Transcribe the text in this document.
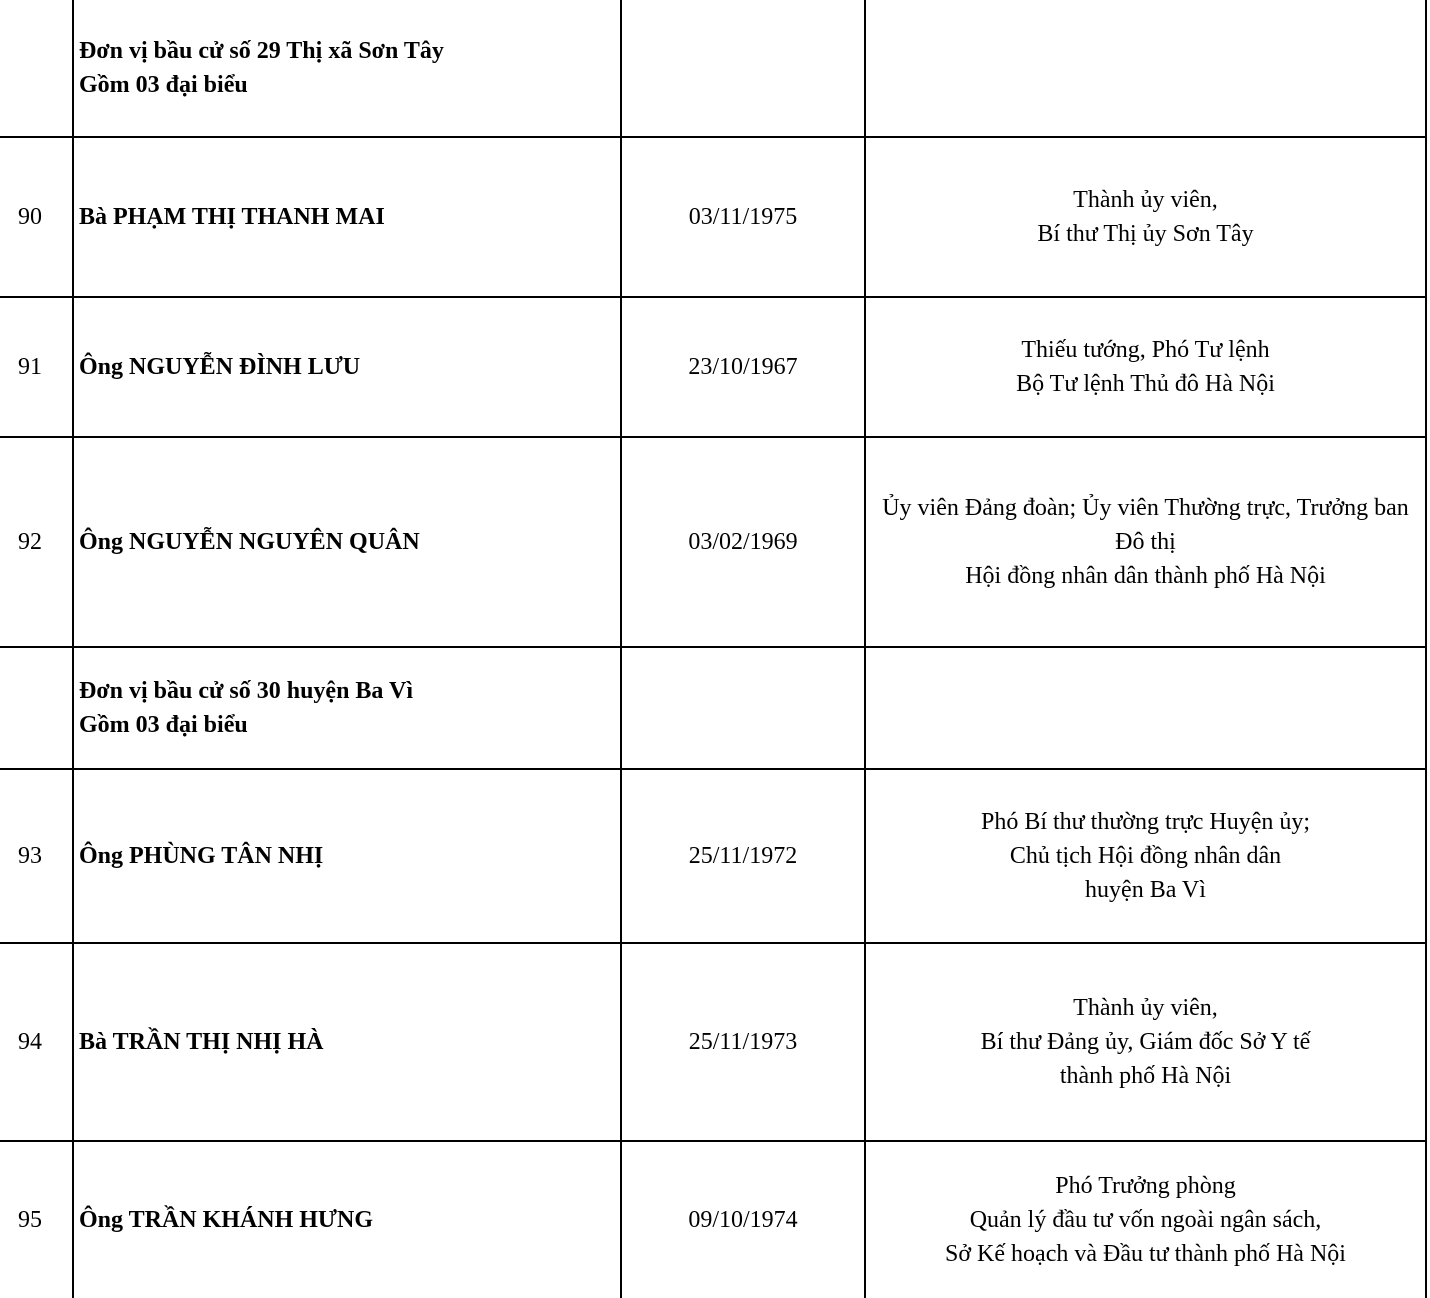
	Đơn vị bầu cử số 29 Thị xã Sơn Tây
Gồm 03 đại biểu		
90	Bà PHẠM THỊ THANH MAI	03/11/1975	Thành ủy viên,
Bí thư Thị ủy Sơn Tây
91	Ông NGUYỄN ĐÌNH LƯU	23/10/1967	Thiếu tướng, Phó Tư lệnh
Bộ Tư lệnh Thủ đô Hà Nội
92	Ông NGUYỄN NGUYÊN QUÂN	03/02/1969	Ủy viên Đảng đoàn; Ủy viên Thường trực, Trưởng ban Đô thị
Hội đồng nhân dân thành phố Hà Nội
	Đơn vị bầu cử số 30 huyện Ba Vì
Gồm 03 đại biểu		
93	Ông PHÙNG TÂN NHỊ	25/11/1972	Phó Bí thư thường trực Huyện ủy;
Chủ tịch Hội đồng nhân dân
huyện Ba Vì
94	Bà TRẦN THỊ NHỊ HÀ	25/11/1973	Thành ủy viên,
Bí thư Đảng ủy, Giám đốc Sở Y tế
thành phố Hà Nội
95	Ông TRẦN KHÁNH HƯNG	09/10/1974	Phó Trưởng phòng
Quản lý đầu tư vốn ngoài ngân sách,
Sở Kế hoạch và Đầu tư thành phố Hà Nội
